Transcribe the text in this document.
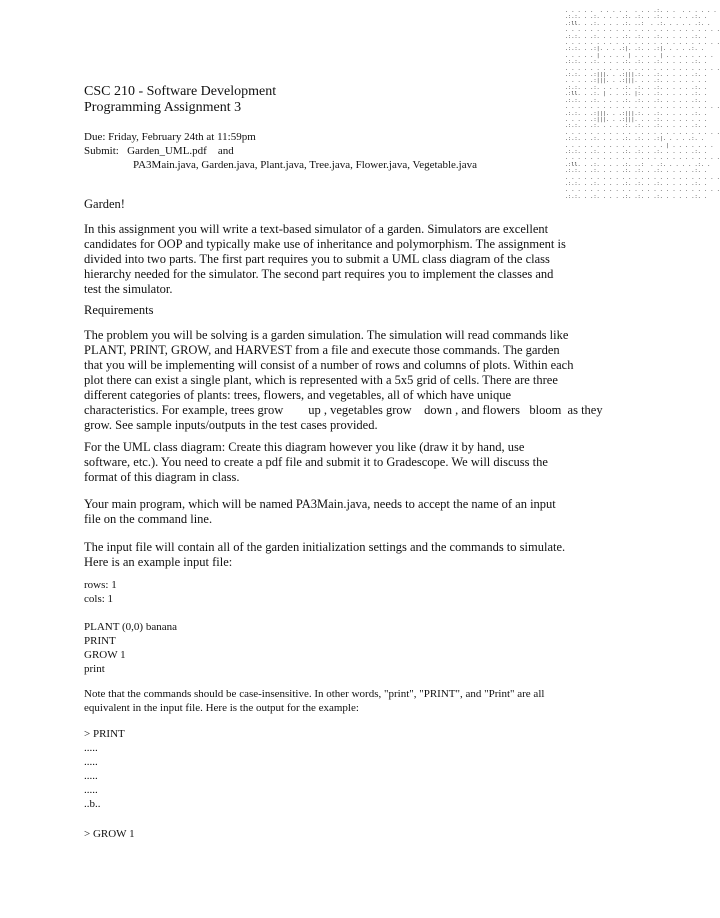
. . . . .  . . . . .  . . . .:. . .  . . . . . .
.:.:. . .:. . . . .:. .:. . .:. . . . . .:. .
.:ll. . .:. . . . .:. ..:  . .:. . . . . .:. .
. . . . . . . . . . . . . . . . . . . . . . . . .
.:.:. . .:. . . . .:. .:. . .:. . . . . .:. .
. . . . . . . . . . . . . . . . . . . . . . . . .
.:.:. . .:|. . . .:|. .:. . .:|. . . . .:. .
. . . . . | . . . . | . . . . | . . . . . . . .
.:.:. . .:. . . . .:. .:. . .:. . . . . .:. .
. . . . . . . . . . . . . . . . . . . . . . . . .
.:.:. . .:|||. . .:|||.:. . .:. . . . . .:. .
. . . . .:|||. . .:|||. . . .:. . . . . . . .
.:.:. . .:. . . . .:. .:. . .:. . . . . .:. .
.:ll. . .:. | . . .:. |:. . .:. . . . . .:. .
.:.:. . .:. . . . .:. .:. . .:. . . . . .:. .
. . . . . . . . . . . . . . . . . . . . . . . . .
.:.:. . .:|||. . .:|||.:. . .:. . . . . .:. .
. . . . .:|||. . .:|||. . . .:. . . . . . . .
.:.:. . .:. . . . .:. .:. . .:. . . . . .:. .
. . . . . . . . . . . . . . . . . . . . . . . . .
.:.:. . .:. . . . .:. .:. . .:|. . . . .:. .
. . . . . . . . . . . . . . . . | . . . . . . .
.:.:. . .:. . . . .:. .:. . .:. . . . . .:. .
. . . . . . . . . . . . . . . . . . . . . . . . .
.:ll. . .:. . . . .:. ..:  . .:. . . . . .:. .
.:.:. . .:. . . . .:. .:. . .:. . . . . .:. .
. . . . . . . . . . . . . . . . . . . . . . . . .
.:.:. . .:. . . . .:. .:. . .:. . . . . .:. .
. . . . . . . . . . . . . . . . . . . . . . . . .
.:.:. . .:. . . . .:. .:. . .:. . . . . .:. .
CSC 210 - Software Development
Programming Assignment 3
Due: Friday, February 24th at 11:59pm
Submit:   Garden_UML.pdf    and
PA3Main.java, Garden.java, Plant.java, Tree.java, Flower.java, Vegetable.java
Garden!
In this assignment you will write a text-based simulator of a garden. Simulators are excellent
candidates for OOP and typically make use of inheritance and polymorphism. The assignment is
divided into two parts. The first part requires you to submit a UML class diagram of the class
hierarchy needed for the simulator. The second part requires you to implement the classes and
test the simulator.
Requirements
The problem you will be solving is a garden simulation. The simulation will read commands like
PLANT, PRINT, GROW, and HARVEST from a file and execute those commands. The garden
that you will be implementing will consist of a number of rows and columns of plots. Within each
plot there can exist a single plant, which is represented with a 5x5 grid of cells. There are three
different categories of plants: trees, flowers, and vegetables, all of which have unique
characteristics. For example, trees grow        up , vegetables grow    down , and flowers   bloom  as they
grow. See sample inputs/outputs in the test cases provided.
For the UML class diagram: Create this diagram however you like (draw it by hand, use
software, etc.). You need to create a pdf file and submit it to Gradescope. We will discuss the
format of this diagram in class.
Your main program, which will be named PA3Main.java, needs to accept the name of an input
file on the command line.
The input file will contain all of the garden initialization settings and the commands to simulate.
Here is an example input file:
rows: 1
cols: 1
PLANT (0,0) banana
PRINT
GROW 1
print
Note that the commands should be case-insensitive. In other words, "print", "PRINT", and "Print" are all
equivalent in the input file. Here is the output for the example:
> PRINT
.....
.....
.....
.....
..b..
> GROW 1
